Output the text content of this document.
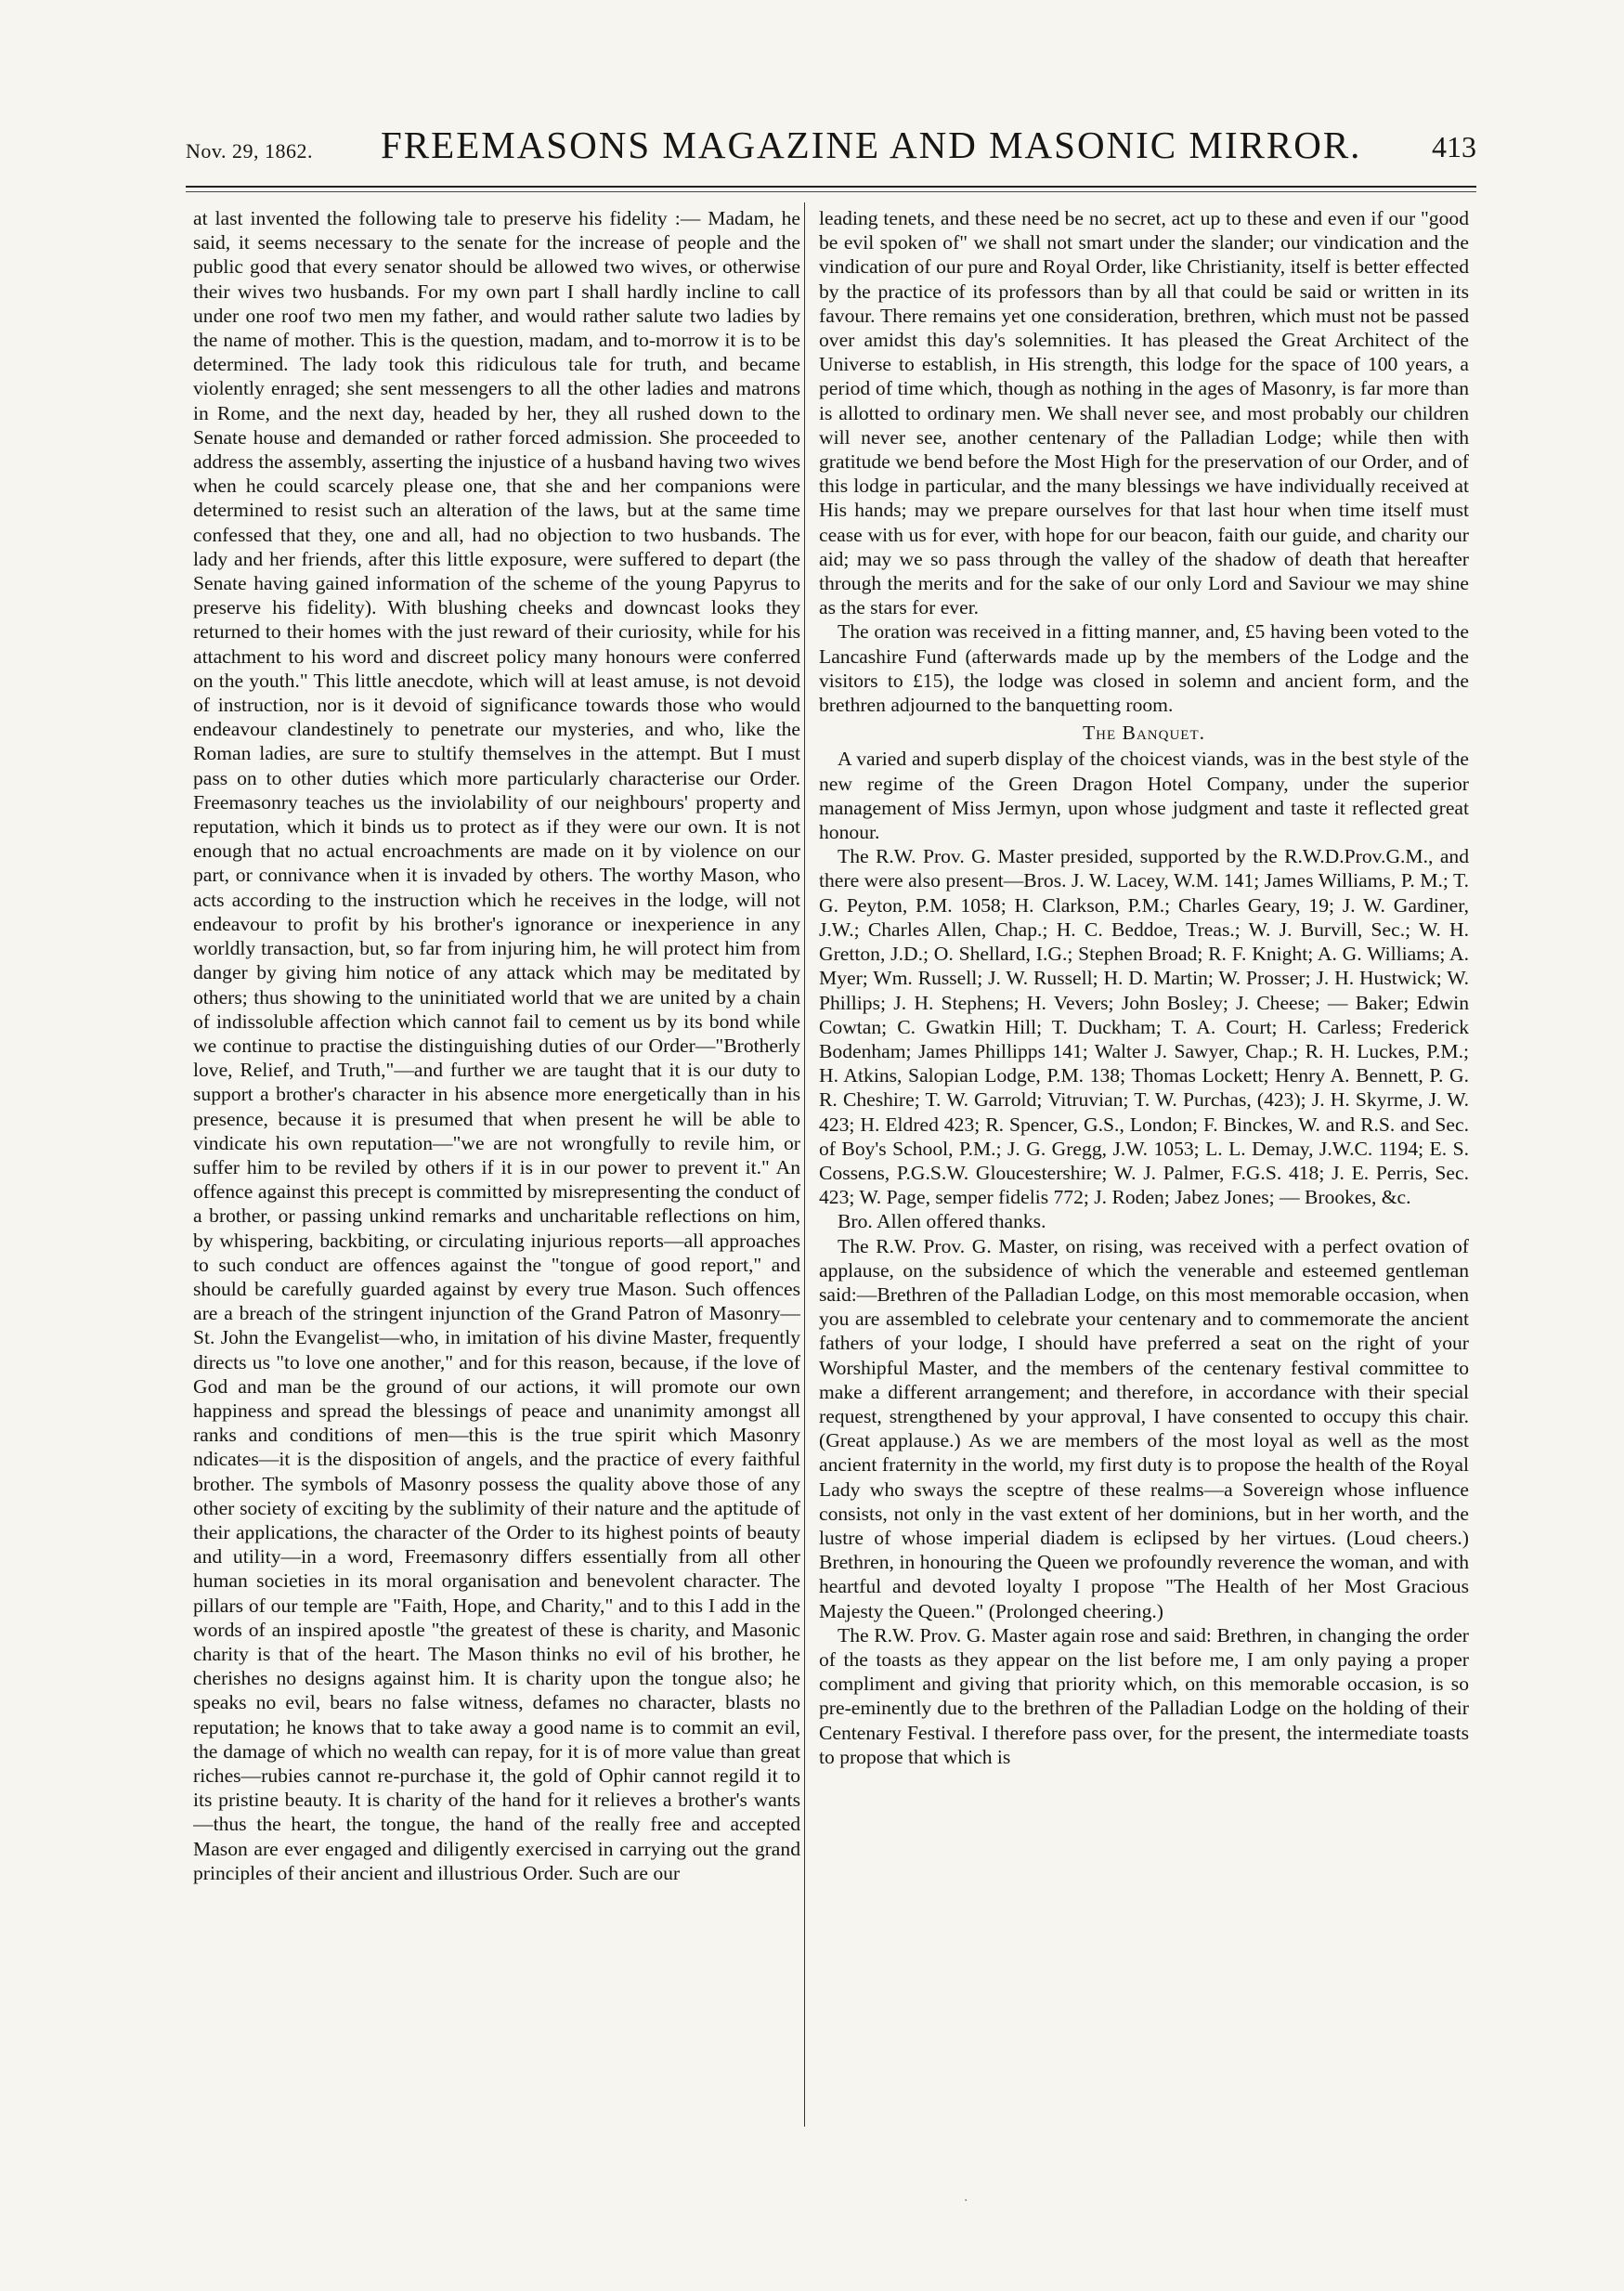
Nov. 29, 1862. FREEMASONS MAGAZINE AND MASONIC MIRROR. 413

at last invented the following tale to preserve his fidelity :— Madam, he said, it seems necessary to the senate for the increase of people and the public good that every senator should be allowed two wives, or otherwise their wives two husbands. For my own part I shall hardly incline to call under one roof two men my father, and would rather salute two ladies by the name of mother. This is the question, madam, and to-morrow it is to be determined. The lady took this ridiculous tale for truth, and became violently enraged; she sent messengers to all the other ladies and matrons in Rome, and the next day, headed by her, they all rushed down to the Senate house and demanded or rather forced admission. She proceeded to address the assembly, asserting the injustice of a husband having two wives when he could scarcely please one, that she and her companions were determined to resist such an alteration of the laws, but at the same time confessed that they, one and all, had no objection to two husbands. The lady and her friends, after this little exposure, were suffered to depart (the Senate having gained information of the scheme of the young Papyrus to preserve his fidelity). With blushing cheeks and downcast looks they returned to their homes with the just reward of their curiosity, while for his attachment to his word and discreet policy many honours were conferred on the youth." This little anecdote, which will at least amuse, is not devoid of instruction, nor is it devoid of significance towards those who would endeavour clandestinely to penetrate our mysteries, and who, like the Roman ladies, are sure to stultify themselves in the attempt. But I must pass on to other duties which more particularly characterise our Order. Freemasonry teaches us the inviolability of our neighbours' property and reputation, which it binds us to protect as if they were our own. It is not enough that no actual encroachments are made on it by violence on our part, or connivance when it is invaded by others. The worthy Mason, who acts according to the instruction which he receives in the lodge, will not endeavour to profit by his brother's ignorance or inexperience in any worldly transaction, but, so far from injuring him, he will protect him from danger by giving him notice of any attack which may be meditated by others; thus showing to the uninitiated world that we are united by a chain of indissoluble affection which cannot fail to cement us by its bond while we continue to practise the distinguishing duties of our Order—"Brotherly love, Relief, and Truth,"—and further we are taught that it is our duty to support a brother's character in his absence more energetically than in his presence, because it is presumed that when present he will be able to vindicate his own reputation—"we are not wrongfully to revile him, or suffer him to be reviled by others if it is in our power to prevent it." An offence against this precept is committed by misrepresenting the conduct of a brother, or passing unkind remarks and uncharitable reflections on him, by whispering, backbiting, or circulating injurious reports—all approaches to such conduct are offences against the "tongue of good report," and should be carefully guarded against by every true Mason. Such offences are a breach of the stringent injunction of the Grand Patron of Masonry—St. John the Evangelist—who, in imitation of his divine Master, frequently directs us "to love one another," and for this reason, because, if the love of God and man be the ground of our actions, it will promote our own happiness and spread the blessings of peace and unanimity amongst all ranks and conditions of men—this is the true spirit which Masonry ndicates—it is the disposition of angels, and the practice of every faithful brother. The symbols of Masonry possess the quality above those of any other society of exciting by the sublimity of their nature and the aptitude of their applications, the character of the Order to its highest points of beauty and utility—in a word, Freemasonry differs essentially from all other human societies in its moral organisation and benevolent character. The pillars of our temple are "Faith, Hope, and Charity," and to this I add in the words of an inspired apostle "the greatest of these is charity, and Masonic charity is that of the heart. The Mason thinks no evil of his brother, he cherishes no designs against him. It is charity upon the tongue also; he speaks no evil, bears no false witness, defames no character, blasts no reputation; he knows that to take away a good name is to commit an evil, the damage of which no wealth can repay, for it is of more value than great riches—rubies cannot re-purchase it, the gold of Ophir cannot regild it to its pristine beauty. It is charity of the hand for it relieves a brother's wants—thus the heart, the tongue, the hand of the really free and accepted Mason are ever engaged and diligently exercised in carrying out the grand principles of their ancient and illustrious Order. Such are our

leading tenets, and these need be no secret, act up to these and even if our "good be evil spoken of" we shall not smart under the slander; our vindication and the vindication of our pure and Royal Order, like Christianity, itself is better effected by the practice of its professors than by all that could be said or written in its favour. There remains yet one consideration, brethren, which must not be passed over amidst this day's solemnities. It has pleased the Great Architect of the Universe to establish, in His strength, this lodge for the space of 100 years, a period of time which, though as nothing in the ages of Masonry, is far more than is allotted to ordinary men. We shall never see, and most probably our children will never see, another centenary of the Palladian Lodge; while then with gratitude we bend before the Most High for the preservation of our Order, and of this lodge in particular, and the many blessings we have individually received at His hands; may we prepare ourselves for that last hour when time itself must cease with us for ever, with hope for our beacon, faith our guide, and charity our aid; may we so pass through the valley of the shadow of death that hereafter through the merits and for the sake of our only Lord and Saviour we may shine as the stars for ever.

The oration was received in a fitting manner, and, £5 having been voted to the Lancashire Fund (afterwards made up by the members of the Lodge and the visitors to £15), the lodge was closed in solemn and ancient form, and the brethren adjourned to the banquetting room.

The Banquet.

A varied and superb display of the choicest viands, was in the best style of the new regime of the Green Dragon Hotel Company, under the superior management of Miss Jermyn, upon whose judgment and taste it reflected great honour.

The R.W. Prov. G. Master presided, supported by the R.W.D.Prov.G.M., and there were also present—Bros. J. W. Lacey, W.M. 141; James Williams, P. M.; T. G. Peyton, P.M. 1058; H. Clarkson, P.M.; Charles Geary, 19; J. W. Gardiner, J.W.; Charles Allen, Chap.; H. C. Beddoe, Treas.; W. J. Burvill, Sec.; W. H. Gretton, J.D.; O. Shellard, I.G.; Stephen Broad; R. F. Knight; A. G. Williams; A. Myer; Wm. Russell; J. W. Russell; H. D. Martin; W. Prosser; J. H. Hustwick; W. Phillips; J. H. Stephens; H. Vevers; John Bosley; J. Cheese; — Baker; Edwin Cowtan; C. Gwatkin Hill; T. Duckham; T. A. Court; H. Carless; Frederick Bodenham; James Phillipps 141; Walter J. Sawyer, Chap.; R. H. Luckes, P.M.; H. Atkins, Salopian Lodge, P.M. 138; Thomas Lockett; Henry A. Bennett, P. G. R. Cheshire; T. W. Garrold; Vitruvian; T. W. Purchas, (423); J. H. Skyrme, J. W. 423; H. Eldred 423; R. Spencer, G.S., London; F. Binckes, W. and R.S. and Sec. of Boy's School, P.M.; J. G. Gregg, J.W. 1053; L. L. Demay, J.W.C. 1194; E. S. Cossens, P.G.S.W. Gloucestershire; W. J. Palmer, F.G.S. 418; J. E. Perris, Sec. 423; W. Page, semper fidelis 772; J. Roden; Jabez Jones; — Brookes, &c.

Bro. Allen offered thanks.

The R.W. Prov. G. Master, on rising, was received with a perfect ovation of applause, on the subsidence of which the venerable and esteemed gentleman said:—Brethren of the Palladian Lodge, on this most memorable occasion, when you are assembled to celebrate your centenary and to commemorate the ancient fathers of your lodge, I should have preferred a seat on the right of your Worshipful Master, and the members of the centenary festival committee to make a different arrangement; and therefore, in accordance with their special request, strengthened by your approval, I have consented to occupy this chair. (Great applause.) As we are members of the most loyal as well as the most ancient fraternity in the world, my first duty is to propose the health of the Royal Lady who sways the sceptre of these realms—a Sovereign whose influence consists, not only in the vast extent of her dominions, but in her worth, and the lustre of whose imperial diadem is eclipsed by her virtues. (Loud cheers.) Brethren, in honouring the Queen we profoundly reverence the woman, and with heartful and devoted loyalty I propose "The Health of her Most Gracious Majesty the Queen." (Prolonged cheering.)

The R.W. Prov. G. Master again rose and said: Brethren, in changing the order of the toasts as they appear on the list before me, I am only paying a proper compliment and giving that priority which, on this memorable occasion, is so pre-eminently due to the brethren of the Palladian Lodge on the holding of their Centenary Festival. I therefore pass over, for the present, the intermediate toasts to propose that which is

·
